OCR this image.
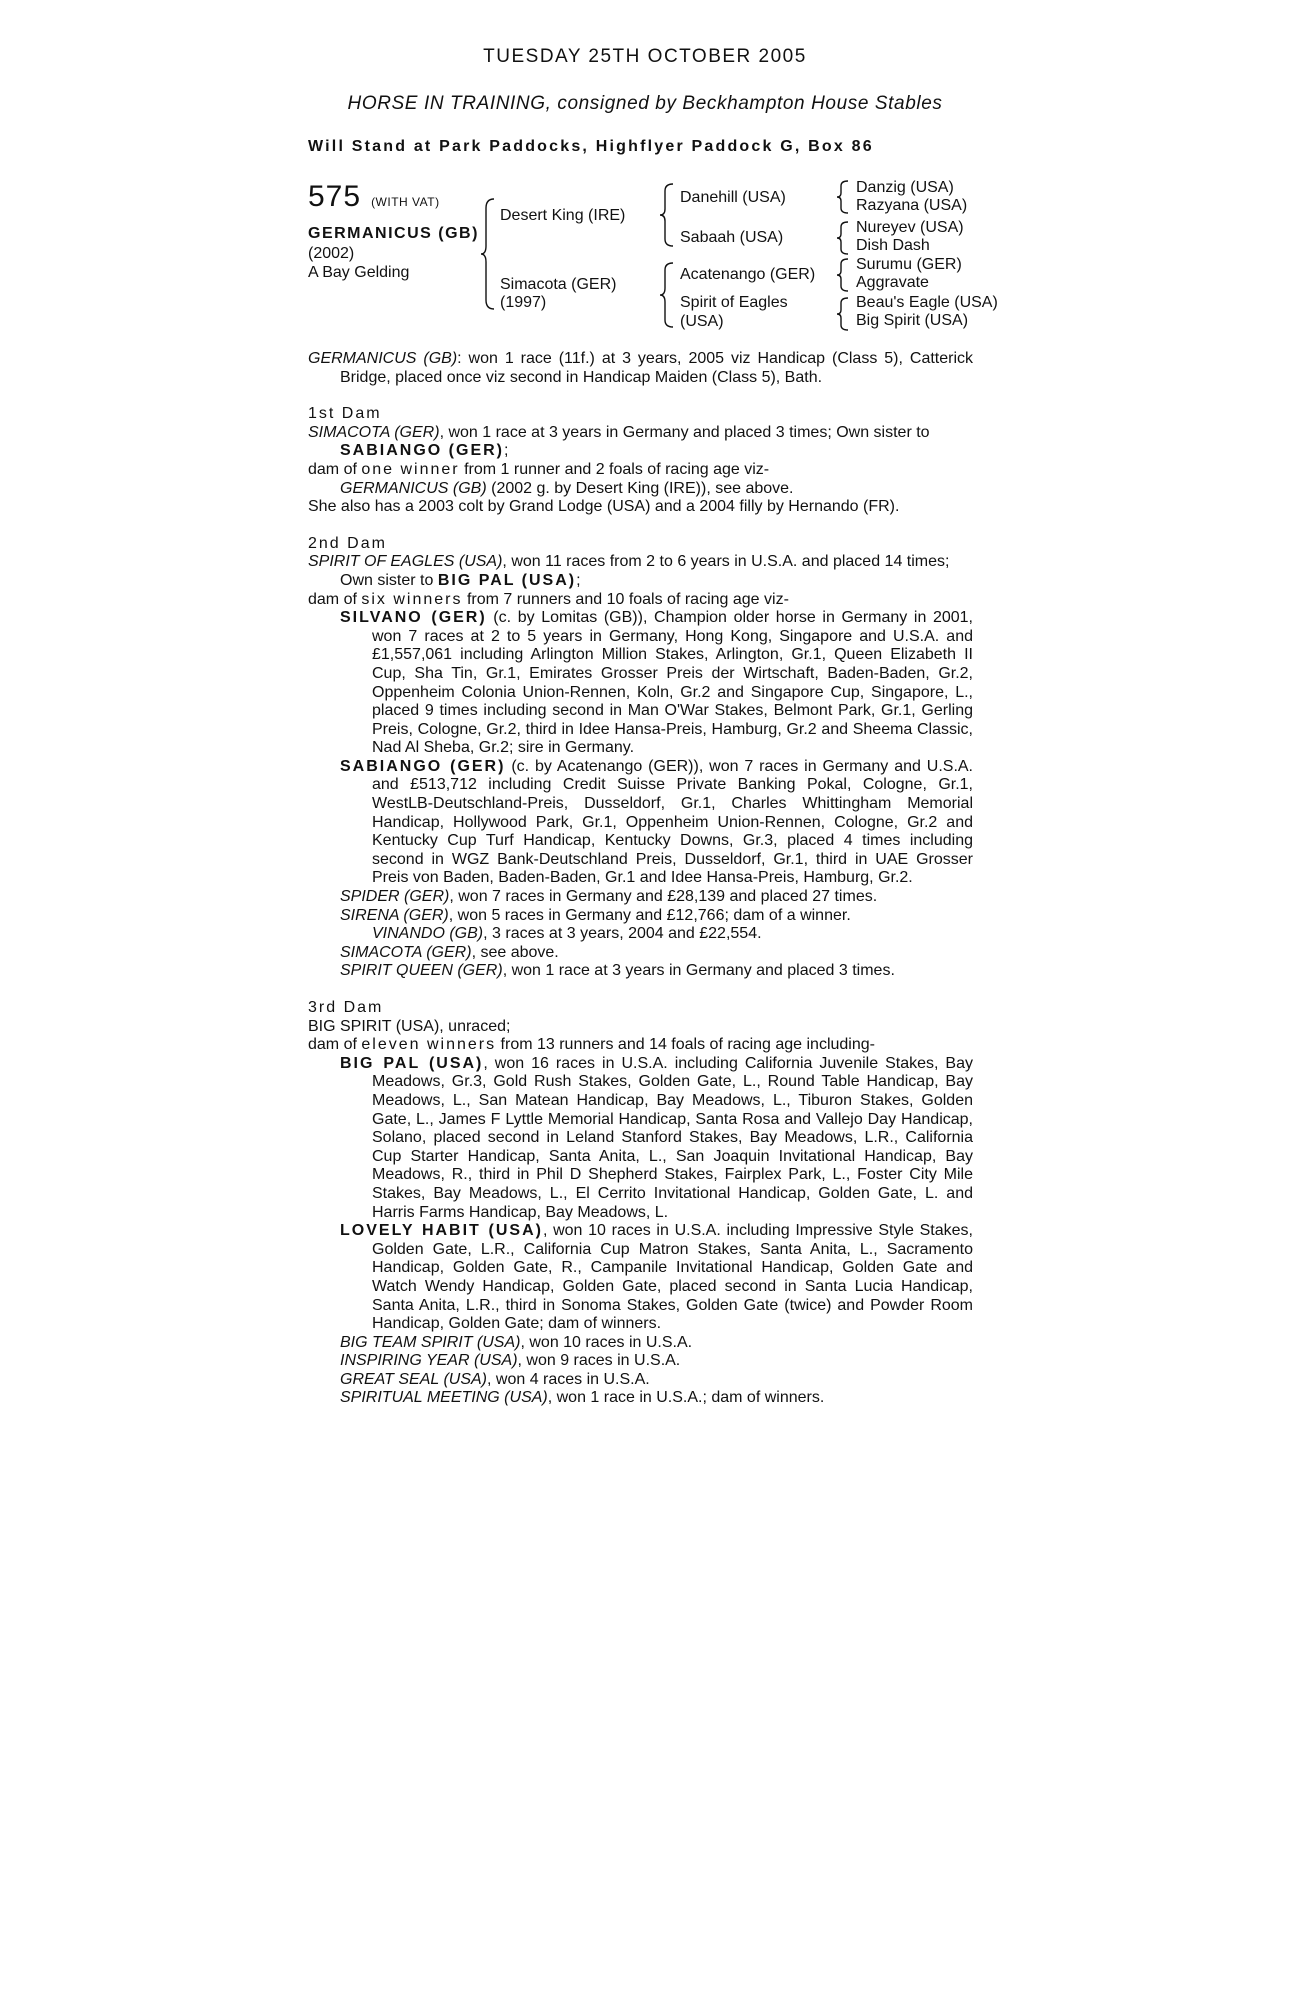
TUESDAY 25TH OCTOBER 2005
HORSE IN TRAINING, consigned by Beckhampton House Stables
Will Stand at Park Paddocks, Highflyer Paddock G, Box 86
575 (WITH VAT)
GERMANICUS (GB)
(2002)
A Bay Gelding
Desert King (IRE)
Simacota (GER)
(1997)
Danehill (USA)
Sabaah (USA)
Acatenango (GER)
Spirit of Eagles
(USA)
Danzig (USA)
Razyana (USA)
Nureyev (USA)
Dish Dash
Surumu (GER)
Aggravate
Beau's Eagle (USA)
Big Spirit (USA)

GERMANICUS (GB): won 1 race (11f.) at 3 years, 2005 viz Handicap (Class 5), Catterick Bridge, placed once viz second in Handicap Maiden (Class 5), Bath.

1st Dam

SIMACOTA (GER), won 1 race at 3 years in Germany and placed 3 times; Own sister to SABIANGO (GER);

dam of one winner from 1 runner and 2 foals of racing age viz-

GERMANICUS (GB) (2002 g. by Desert King (IRE)), see above.

She also has a 2003 colt by Grand Lodge (USA) and a 2004 filly by Hernando (FR).

2nd Dam

SPIRIT OF EAGLES (USA), won 11 races from 2 to 6 years in U.S.A. and placed 14 times; Own sister to BIG PAL (USA);

dam of six winners from 7 runners and 10 foals of racing age viz-

SILVANO (GER) (c. by Lomitas (GB)), Champion older horse in Germany in 2001, won 7 races at 2 to 5 years in Germany, Hong Kong, Singapore and U.S.A. and £1,557,061 including Arlington Million Stakes, Arlington, Gr.1, Queen Elizabeth II Cup, Sha Tin, Gr.1, Emirates Grosser Preis der Wirtschaft, Baden-Baden, Gr.2, Oppenheim Colonia Union-Rennen, Koln, Gr.2 and Singapore Cup, Singapore, L., placed 9 times including second in Man O'War Stakes, Belmont Park, Gr.1, Gerling Preis, Cologne, Gr.2, third in Idee Hansa-Preis, Hamburg, Gr.2 and Sheema Classic, Nad Al Sheba, Gr.2; sire in Germany.

SABIANGO (GER) (c. by Acatenango (GER)), won 7 races in Germany and U.S.A. and £513,712 including Credit Suisse Private Banking Pokal, Cologne, Gr.1, WestLB-Deutschland-Preis, Dusseldorf, Gr.1, Charles Whittingham Memorial Handicap, Hollywood Park, Gr.1, Oppenheim Union-Rennen, Cologne, Gr.2 and Kentucky Cup Turf Handicap, Kentucky Downs, Gr.3, placed 4 times including second in WGZ Bank-Deutschland Preis, Dusseldorf, Gr.1, third in UAE Grosser Preis von Baden, Baden-Baden, Gr.1 and Idee Hansa-Preis, Hamburg, Gr.2.

SPIDER (GER), won 7 races in Germany and £28,139 and placed 27 times.

SIRENA (GER), won 5 races in Germany and £12,766; dam of a winner.

VINANDO (GB), 3 races at 3 years, 2004 and £22,554.

SIMACOTA (GER), see above.

SPIRIT QUEEN (GER), won 1 race at 3 years in Germany and placed 3 times.

3rd Dam

BIG SPIRIT (USA), unraced;

dam of eleven winners from 13 runners and 14 foals of racing age including-

BIG PAL (USA), won 16 races in U.S.A. including California Juvenile Stakes, Bay Meadows, Gr.3, Gold Rush Stakes, Golden Gate, L., Round Table Handicap, Bay Meadows, L., San Matean Handicap, Bay Meadows, L., Tiburon Stakes, Golden Gate, L., James F Lyttle Memorial Handicap, Santa Rosa and Vallejo Day Handicap, Solano, placed second in Leland Stanford Stakes, Bay Meadows, L.R., California Cup Starter Handicap, Santa Anita, L., San Joaquin Invitational Handicap, Bay Meadows, R., third in Phil D Shepherd Stakes, Fairplex Park, L., Foster City Mile Stakes, Bay Meadows, L., El Cerrito Invitational Handicap, Golden Gate, L. and Harris Farms Handicap, Bay Meadows, L.

LOVELY HABIT (USA), won 10 races in U.S.A. including Impressive Style Stakes, Golden Gate, L.R., California Cup Matron Stakes, Santa Anita, L., Sacramento Handicap, Golden Gate, R., Campanile Invitational Handicap, Golden Gate and Watch Wendy Handicap, Golden Gate, placed second in Santa Lucia Handicap, Santa Anita, L.R., third in Sonoma Stakes, Golden Gate (twice) and Powder Room Handicap, Golden Gate; dam of winners.

BIG TEAM SPIRIT (USA), won 10 races in U.S.A.

INSPIRING YEAR (USA), won 9 races in U.S.A.

GREAT SEAL (USA), won 4 races in U.S.A.

SPIRITUAL MEETING (USA), won 1 race in U.S.A.; dam of winners.
